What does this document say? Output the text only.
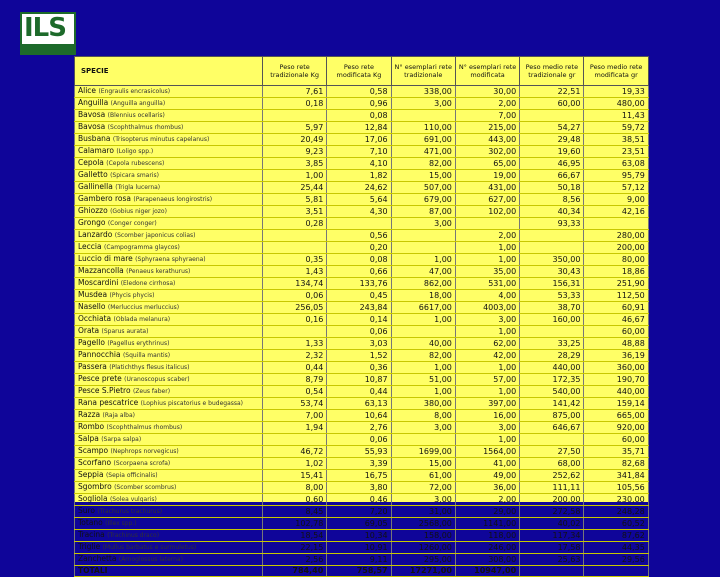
ILS
SPECIE	Peso rete tradizionale Kg	Peso rete modificata Kg	N° esemplari rete tradizionale	N° esemplari rete modificata	Peso medio rete tradizionale gr	Peso medio rete modificata gr
Alice (Engraulis encrasicolus)	7,61	0,58	338,00	30,00	22,51	19,33
Anguilla (Anguilla anguilla)	0,18	0,96	3,00	2,00	60,00	480,00
Bavosa (Blennius ocellaris)		0,08		7,00		11,43
Bavosa (Scophthalmus rhombus)	5,97	12,84	110,00	215,00	54,27	59,72
Busbana (Trisopterus minutus capelanus)	20,49	17,06	691,00	443,00	29,48	38,51
Calamaro (Loligo spp.)	9,23	7,10	471,00	302,00	19,60	23,51
Cepola (Cepola rubescens)	3,85	4,10	82,00	65,00	46,95	63,08
Galletto (Spicara smaris)	1,00	1,82	15,00	19,00	66,67	95,79
Gallinella (Trigla lucerna)	25,44	24,62	507,00	431,00	50,18	57,12
Gambero rosa (Parapenaeus longirostris)	5,81	5,64	679,00	627,00	8,56	9,00
Ghiozzo (Gobius niger jozo)	3,51	4,30	87,00	102,00	40,34	42,16
Grongo (Conger conger)	0,28		3,00		93,33	
Lanzardo (Scomber japonicus colias)		0,56		2,00		280,00
Leccia (Campogramma glaycos)		0,20		1,00		200,00
Luccio di mare (Sphyraena sphyraena)	0,35	0,08	1,00	1,00	350,00	80,00
Mazzancolla (Penaeus kerathurus)	1,43	0,66	47,00	35,00	30,43	18,86
Moscardini (Eledone cirrhosa)	134,74	133,76	862,00	531,00	156,31	251,90
Musdea (Phycis phycis)	0,06	0,45	18,00	4,00	53,33	112,50
Nasello (Merluccius merluccius)	256,05	243,84	6617,00	4003,00	38,70	60,91
Occhiata (Oblada melanura)	0,16	0,14	1,00	3,00	160,00	46,67
Orata (Sparus aurata)		0,06		1,00		60,00
Pagello (Pagellus erythrinus)	1,33	3,03	40,00	62,00	33,25	48,88
Pannocchia (Squilla mantis)	2,32	1,52	82,00	42,00	28,29	36,19
Passera (Platichthys flesus italicus)	0,44	0,36	1,00	1,00	440,00	360,00
Pesce prete (Uranoscopus scaber)	8,79	10,87	51,00	57,00	172,35	190,70
Pesce S.Pietro (Zeus faber)	0,54	0,44	1,00	1,00	540,00	440,00
Rana pescatrice (Lophius piscatorius e budegassa)	53,74	63,13	380,00	397,00	141,42	159,14
Razza (Raja alba)	7,00	10,64	8,00	16,00	875,00	665,00
Rombo (Scophthalmus rhombus)	1,94	2,76	3,00	3,00	646,67	920,00
Salpa (Sarpa salpa)		0,06		1,00		60,00
Scampo (Nephrops norvegicus)	46,72	55,93	1699,00	1564,00	27,50	35,71
Scorfano (Scorpaena scrofa)	1,02	3,39	15,00	41,00	68,00	82,68
Seppia (Sepia officinalis)	15,41	16,75	61,00	49,00	252,62	341,84
Sgombro (Scomber scombrus)	8,00	3,80	72,00	36,00	111,11	105,56
Sogliola (Solea vulgaris)	0,60	0,46	3,00	2,00	200,00	230,00
Suro (Trachurus trachurus)	8,45	7,20	31,00	29,00	272,58	248,28
Totano (Illex spp.)	102,78	69,05	2568,00	1141,00	40,02	60,52
Tracina (Trachinus draco)	18,54	10,34	158,00	118,00	117,34	87,62
Triglie (Mullus barbatus e surmuletus)	22,15	10,91	1260,00	246,00	17,58	44,35
Zanchetta (Arnoglossus laterna)	2,56	9,11	295,00	308,00	25,63	29,56
TOTALI	784,40	758,57	17271,00	10947,00		
